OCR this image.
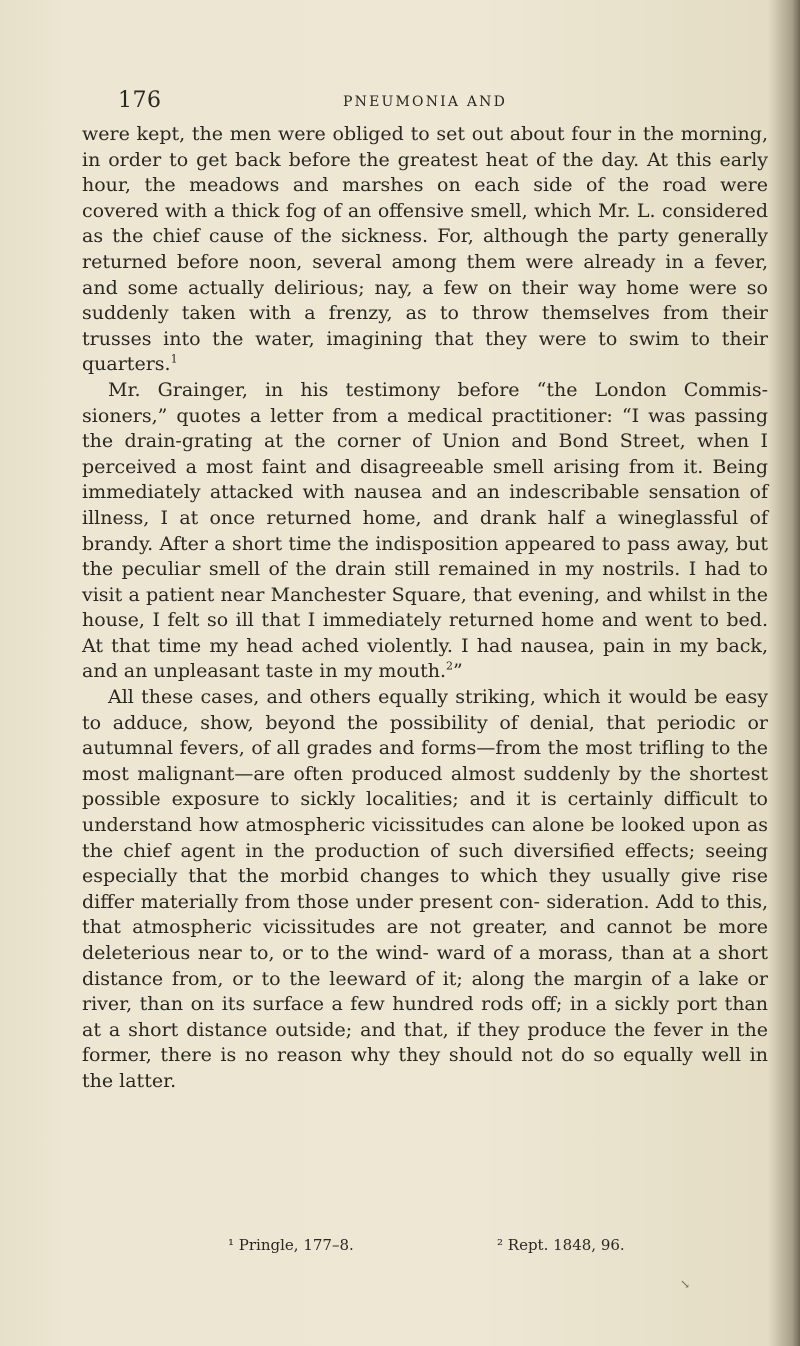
176	PNEUMONIA AND

were kept, the men were obliged to set out about four in the morning, in order to get back before the greatest heat of the day. At this early hour, the meadows and marshes on each side of the road were covered with a thick fog of an offensive smell, which Mr. L. considered as the chief cause of the sickness. For, although the party generally returned before noon, several among them were already in a fever, and some actually delirious; nay, a few on their way home were so suddenly taken with a frenzy, as to throw themselves from their trusses into the water, imagining that they were to swim to their quarters.$^1$

Mr. Grainger, in his testimony before “the London Commis- sioners,” quotes a letter from a medical practitioner: “I was passing the drain-grating at the corner of Union and Bond Street, when I perceived a most faint and disagreeable smell arising from it. Being immediately attacked with nausea and an indescribable sensation of illness, I at once returned home, and drank half a wineglassful of brandy. After a short time the indisposition appeared to pass away, but the peculiar smell of the drain still remained in my nostrils. I had to visit a patient near Manchester Square, that evening, and whilst in the house, I felt so ill that I immediately returned home and went to bed. At that time my head ached violently. I had nausea, pain in my back, and an unpleasant taste in my mouth.$^2$”

All these cases, and others equally striking, which it would be easy to adduce, show, beyond the possibility of denial, that periodic or autumnal fevers, of all grades and forms—from the most trifling to the most malignant—are often produced almost suddenly by the shortest possible exposure to sickly localities; and it is certainly difficult to understand how atmospheric vicissitudes can alone be looked upon as the chief agent in the production of such diversified effects; seeing especially that the morbid changes to which they usually give rise differ materially from those under present con- sideration. Add to this, that atmospheric vicissitudes are not greater, and cannot be more deleterious near to, or to the wind- ward of a morass, than at a short distance from, or to the leeward of it; along the margin of a lake or river, than on its surface a few hundred rods off; in a sickly port than at a short distance outside; and that, if they produce the fever in the former, there is no reason why they should not do so equally well in the latter.

¹ Pringle, 177–8.	² Rept. 1848, 96.
↘
